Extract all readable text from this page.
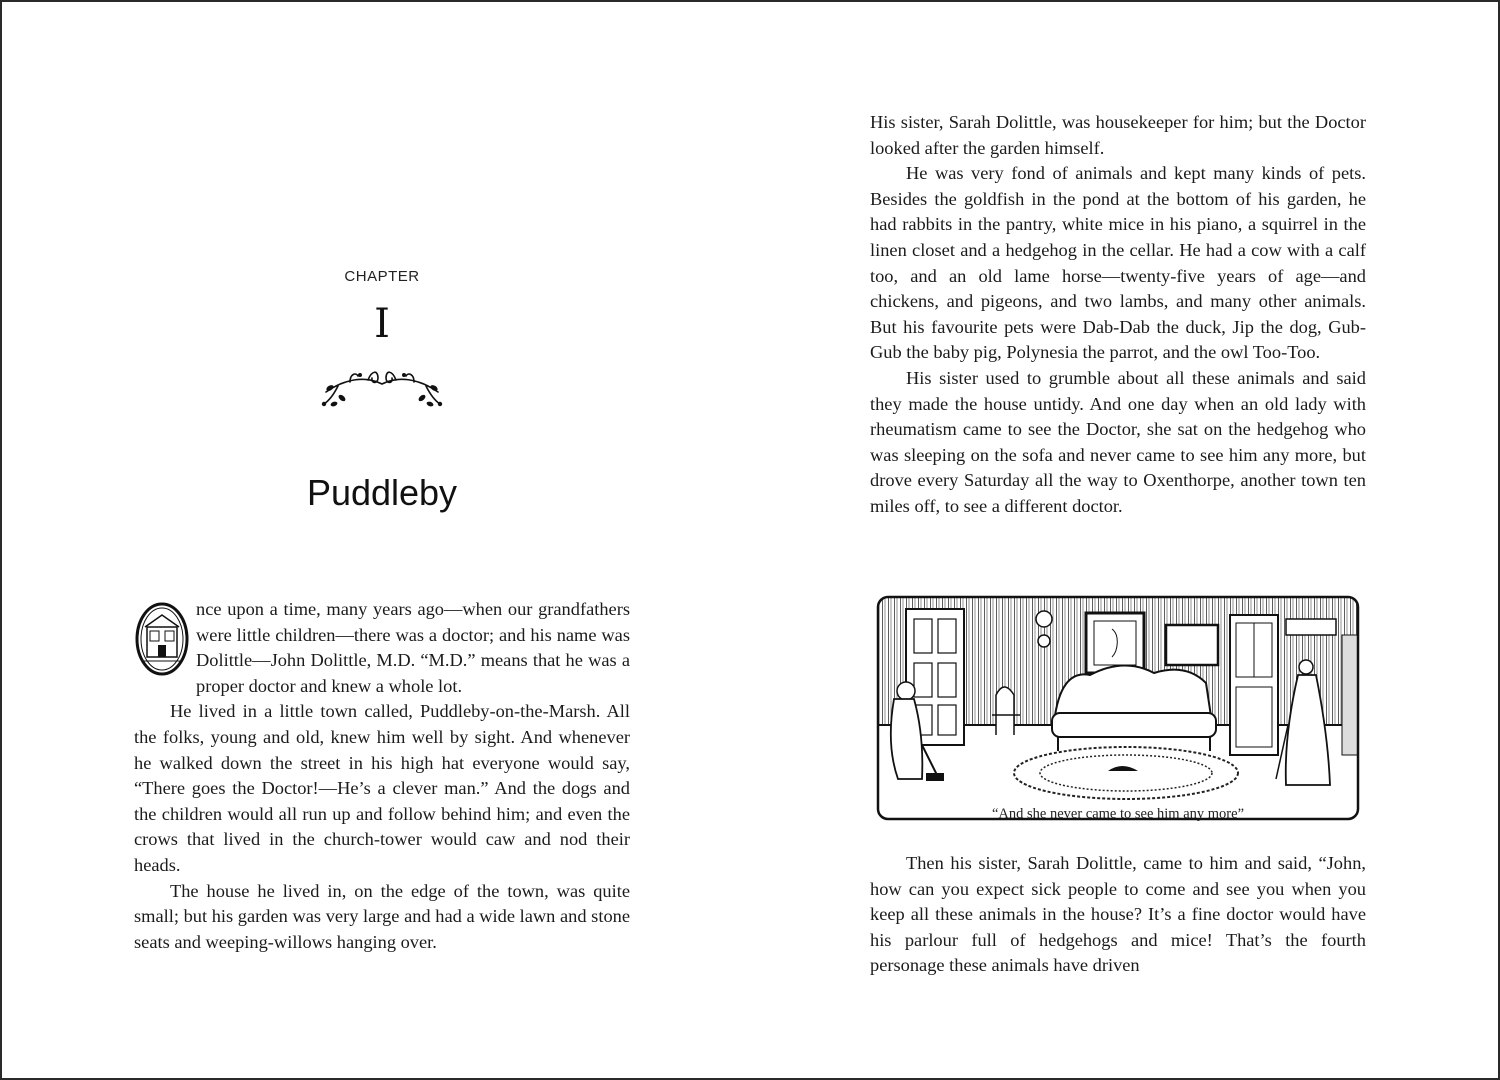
CHAPTER
I
Puddleby

nce upon a time, many years ago—when our grandfathers were little children—there was a doctor; and his name was Dolittle—John Dolittle, M.D. “M.D.” means that he was a proper doctor and knew a whole lot.

He lived in a little town called, Puddleby-on-the-Marsh. All the folks, young and old, knew him well by sight. And whenever he walked down the street in his high hat everyone would say, “There goes the Doctor!—He’s a clever man.” And the dogs and the children would all run up and follow behind him; and even the crows that lived in the church-tower would caw and nod their heads.

The house he lived in, on the edge of the town, was quite small; but his garden was very large and had a wide lawn and stone seats and weeping-willows hanging over.

His sister, Sarah Dolittle, was housekeeper for him; but the Doctor looked after the garden himself.

He was very fond of animals and kept many kinds of pets. Besides the goldfish in the pond at the bottom of his garden, he had rabbits in the pantry, white mice in his piano, a squirrel in the linen closet and a hedgehog in the cellar. He had a cow with a calf too, and an old lame horse—twenty-five years of age—and chickens, and pigeons, and two lambs, and many other animals. But his favourite pets were Dab-Dab the duck, Jip the dog, Gub-Gub the baby pig, Polynesia the parrot, and the owl Too-Too.

His sister used to grumble about all these animals and said they made the house untidy. And one day when an old lady with rheumatism came to see the Doctor, she sat on the hedgehog who was sleeping on the sofa and never came to see him any more, but drove every Saturday all the way to Oxenthorpe, another town ten miles off, to see a different doctor.

“And she never came to see him any more”

Then his sister, Sarah Dolittle, came to him and said, “John, how can you expect sick people to come and see you when you keep all these animals in the house? It’s a fine doctor would have his parlour full of hedgehogs and mice! That’s the fourth personage these animals have driven
